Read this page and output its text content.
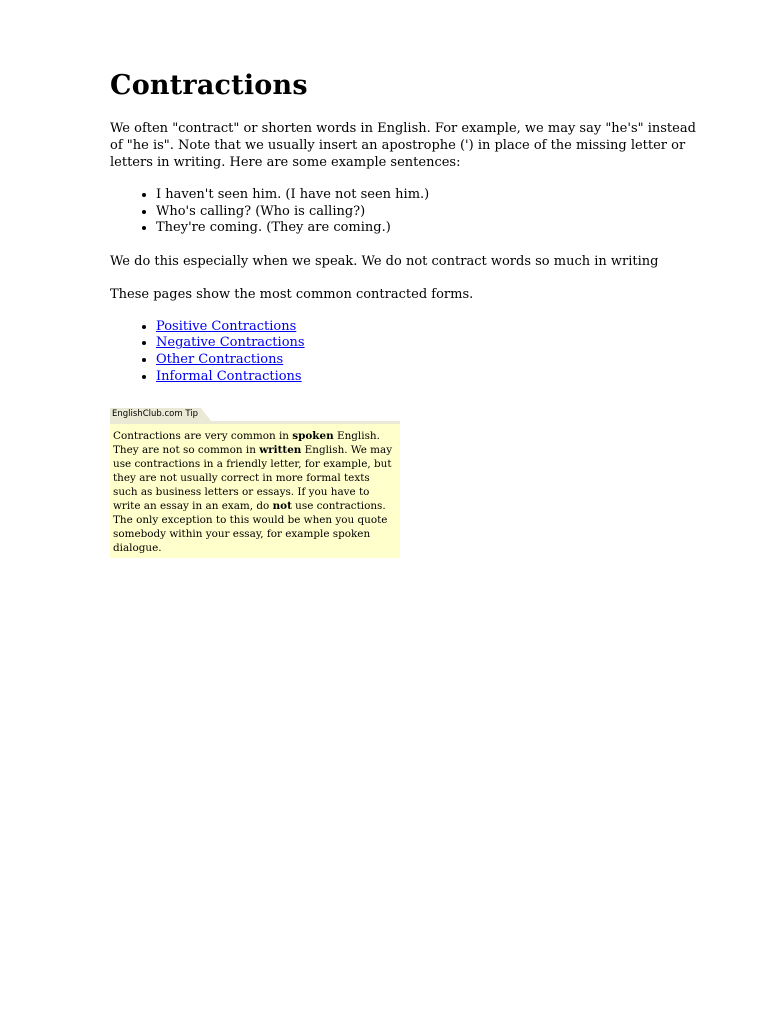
Contractions

We often "contract" or shorten words in English. For example, we may say "he's" instead of "he is". Note that we usually insert an apostrophe (') in place of the missing letter or letters in writing. Here are some example sentences:

• I haven't seen him. (I have not seen him.)
• Who's calling? (Who is calling?)
• They're coming. (They are coming.)

We do this especially when we speak. We do not contract words so much in writing

These pages show the most common contracted forms.

• Positive Contractions
• Negative Contractions
• Other Contractions
• Informal Contractions
EnglishClub.com Tip
Contractions are very common in spoken English. They are not so common in written English. We may use contractions in a friendly letter, for example, but they are not usually correct in more formal texts such as business letters or essays. If you have to write an essay in an exam, do not use contractions. The only exception to this would be when you quote somebody within your essay, for example spoken dialogue.
